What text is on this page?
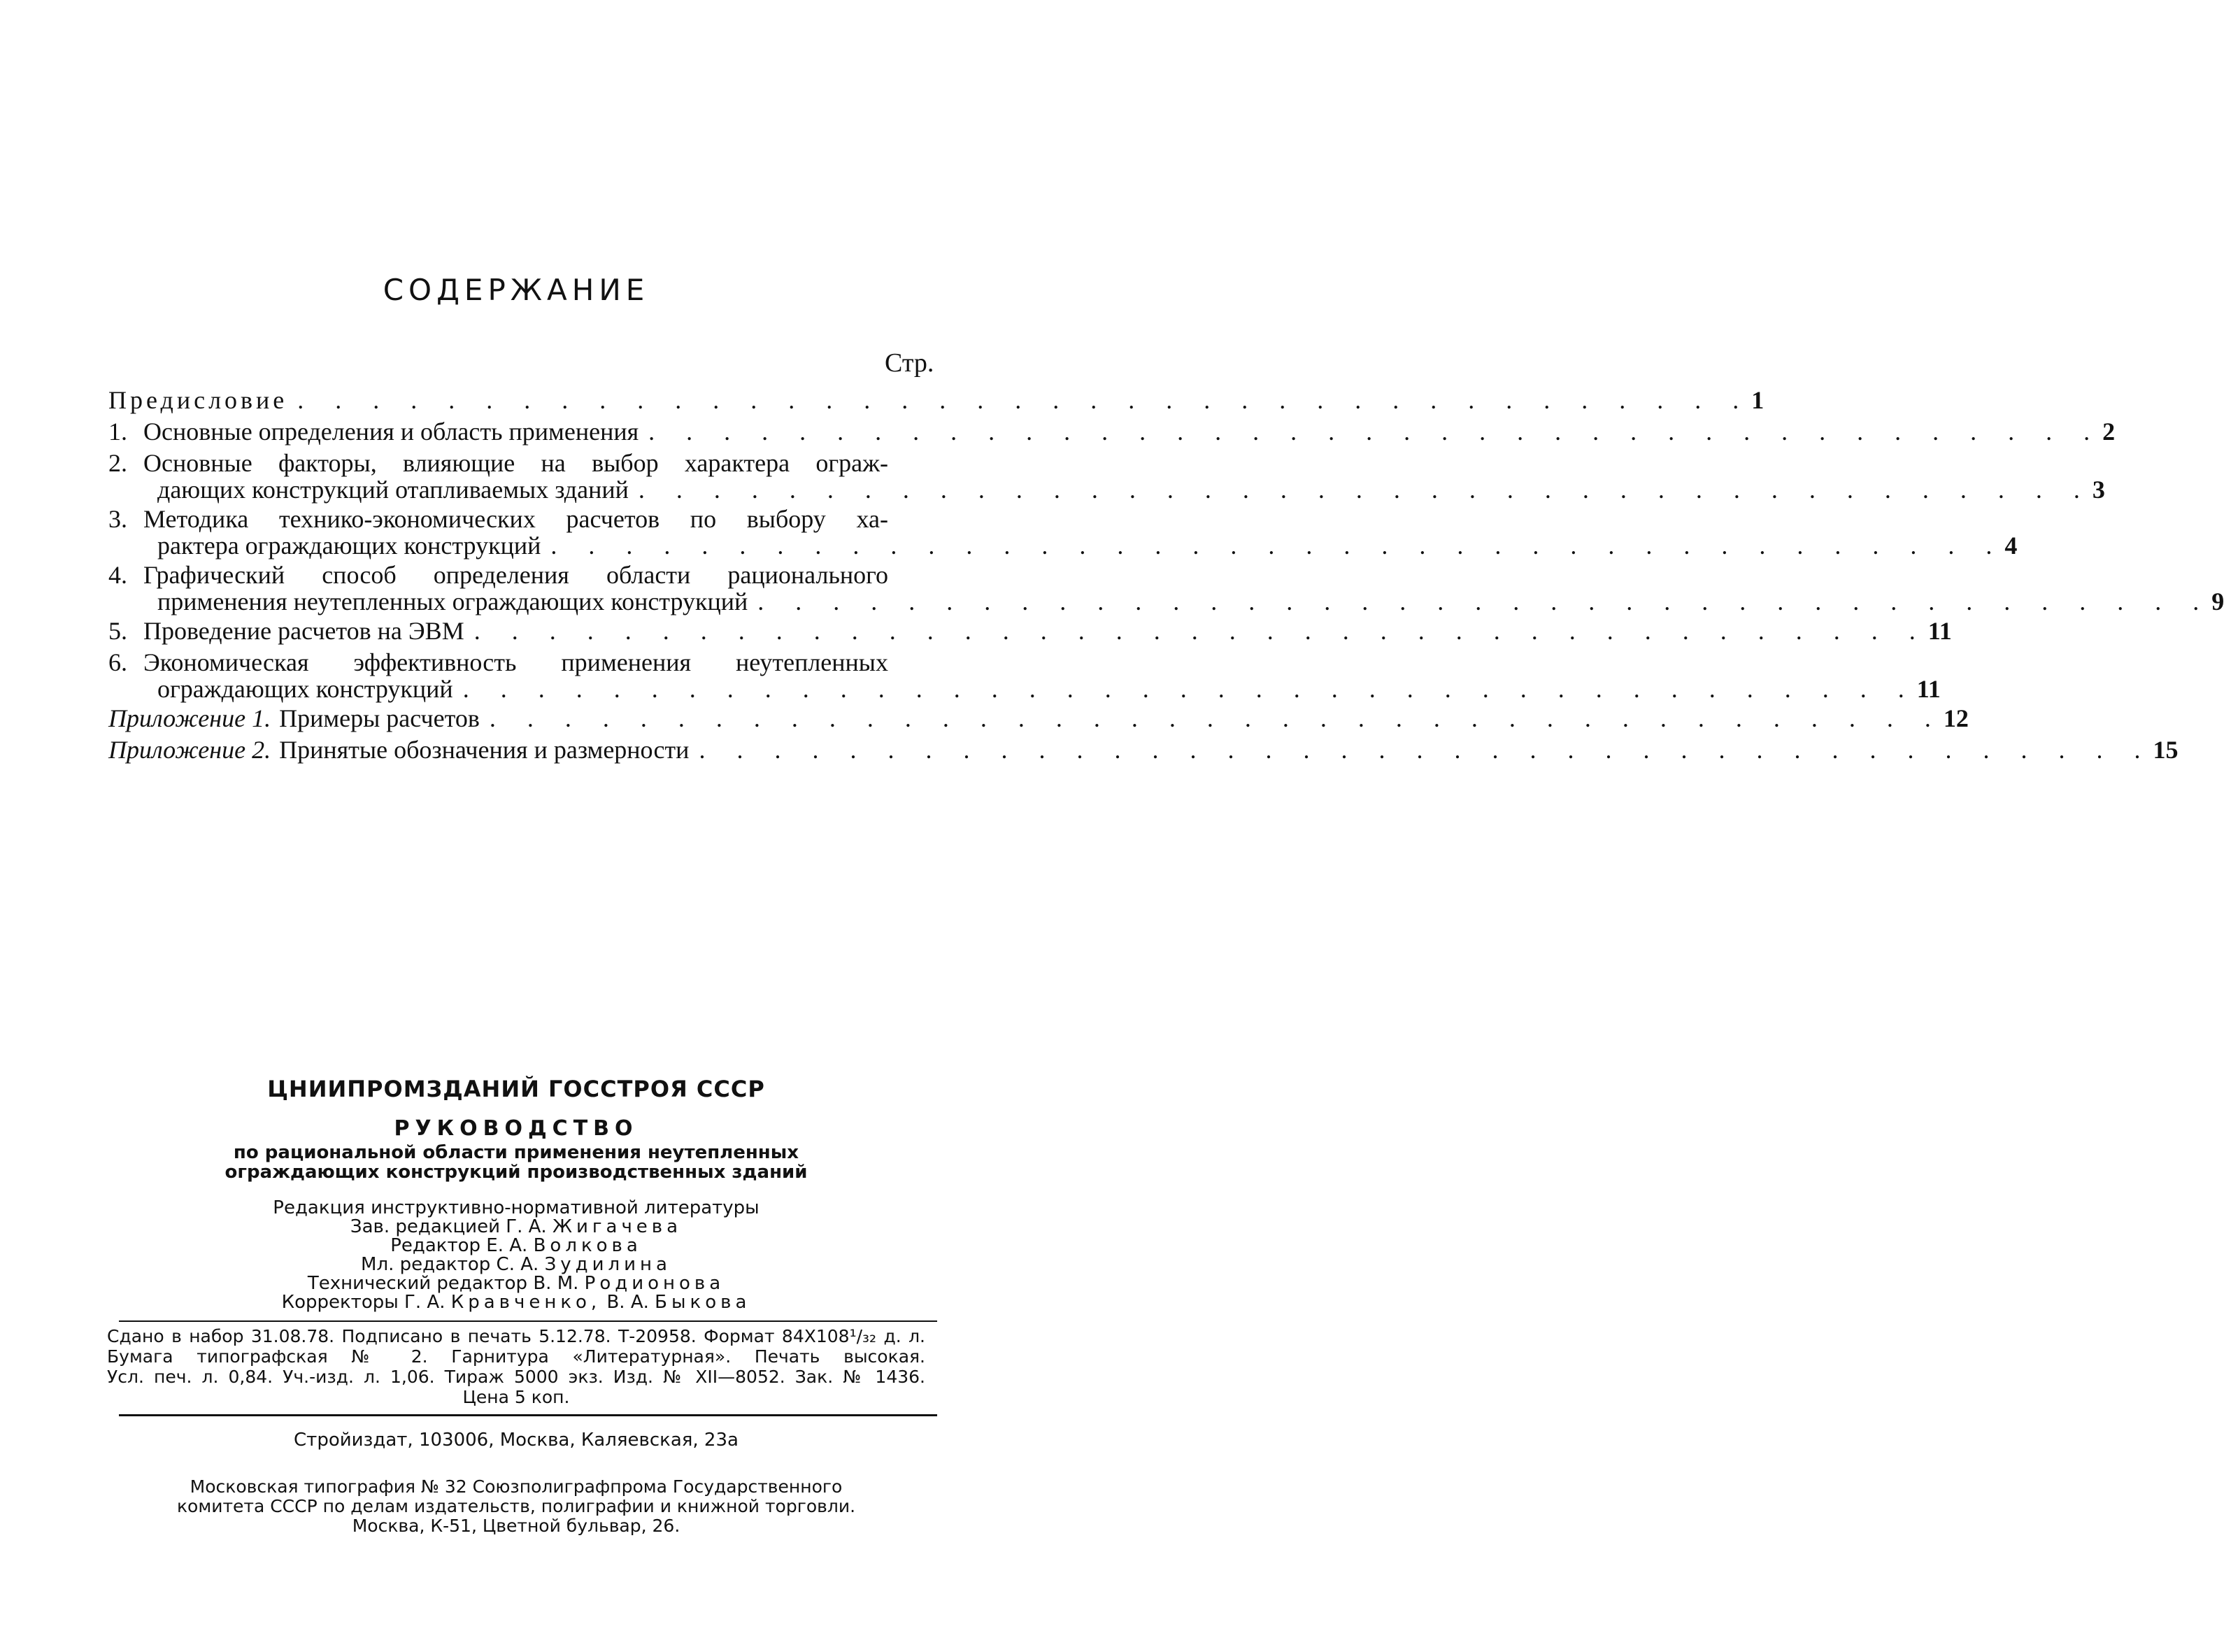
СОДЕРЖАНИЕ
Стр.
Предисловие . . . . . . . . . . . . . . . . . . . . . . . . . . . . . . . . . . . . . . . 1
1. Основные определения и область применения . . . . . . . . . . . . . . . . . . . . . . . . . . . . . . . . . . . . . . . 2
2. Основные факторы, влияющие на выбор характера ограж-
дающих конструкций отапливаемых зданий . . . . . . . . . . . . . . . . . . . . . . . . . . . . . . . . . . . . . . . 3
3. Методика технико-экономических расчетов по выбору ха-
рактера ограждающих конструкций . . . . . . . . . . . . . . . . . . . . . . . . . . . . . . . . . . . . . . . 4
4. Графический способ определения области рационального
применения неутепленных ограждающих конструкций . . . . . . . . . . . . . . . . . . . . . . . . . . . . . . . . . . . . . . . 9
5. Проведение расчетов на ЭВМ . . . . . . . . . . . . . . . . . . . . . . . . . . . . . . . . . . . . . . . 11
6. Экономическая эффективность применения неутепленных
ограждающих конструкций . . . . . . . . . . . . . . . . . . . . . . . . . . . . . . . . . . . . . . . 11
Приложение 1. Примеры расчетов . . . . . . . . . . . . . . . . . . . . . . . . . . . . . . . . . . . . . . . 12
Приложение 2. Принятые обозначения и размерности . . . . . . . . . . . . . . . . . . . . . . . . . . . . . . . . . . . . . . . 15
ЦНИИПРОМЗДАНИЙ ГОССТРОЯ СССР
РУКОВОДСТВО
по рациональной области применения неутепленных
ограждающих конструкций производственных зданий
Редакция инструктивно-нормативной литературы
Зав. редакцией Г. А. Жигачева
Редактор Е. А. Волкова
Мл. редактор С. А. Зудилина
Технический редактор В. М. Родионова
Корректоры Г. А. Кравченко, В. А. Быкова
Сдано в набор 31.08.78. Подписано в печать 5.12.78. Т-20958. Формат 84X108¹/₃₂ д. л.
Бумага типографская № 2. Гарнитура «Литературная». Печать высокая.
Усл. печ. л. 0,84. Уч.-изд. л. 1,06. Тираж 5000 экз. Изд. № XII—8052. Зак. № 1436.
Цена 5 коп.
Стройиздат, 103006, Москва, Каляевская, 23а
Московская типография № 32 Союзполиграфпрома Государственного
комитета СССР по делам издательств, полиграфии и книжной торговли.
Москва, К-51, Цветной бульвар, 26.
